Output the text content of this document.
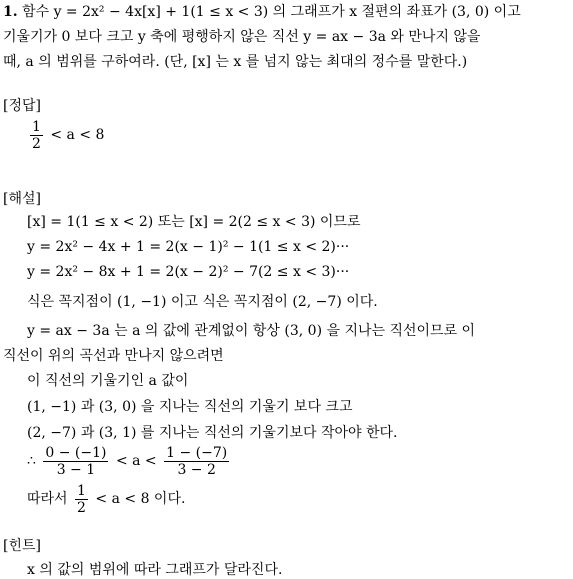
1. 함수 y = 2x² − 4x[x] + 1(1 ≤ x < 3) 의 그래프가 x 절편의 좌표가 (3, 0) 이고
기울기가 0 보다 크고 y 축에 평행하지 않은 직선 y = ax − 3a 와 만나지 않을
때, a 의 범위를 구하여라. (단, [x] 는 x 를 넘지 않는 최대의 정수를 말한다.)
[정답]
$\frac{1}{2} < a < 8$
[해설]
[x] = 1(1 ≤ x < 2) 또는 [x] = 2(2 ≤ x < 3) 이므로
y = 2x² − 4x + 1 = 2(x − 1)² − 1(1 ≤ x < 2)···
y = 2x² − 8x + 1 = 2(x − 2)² − 7(2 ≤ x < 3)···
식은 꼭지점이 (1, −1) 이고 식은 꼭지점이 (2, −7) 이다.
y = ax − 3a 는 a 의 값에 관계없이 항상 (3, 0) 을 지나는 직선이므로 이
직선이 위의 곡선과 만나지 않으려면
이 직선의 기울기인 a 값이
(1, −1) 과 (3, 0) 을 지나는 직선의 기울기 보다 크고
(2, −7) 과 (3, 1) 를 지나는 직선의 기울기보다 작아야 한다.
∴ $\frac{0 - (-1)}{3 - 1} < a < \frac{1 - (-7)}{3 - 2}$
따라서 $\frac{1}{2} < a < 8$ 이다.
[힌트]
x 의 값의 범위에 따라 그래프가 달라진다.
